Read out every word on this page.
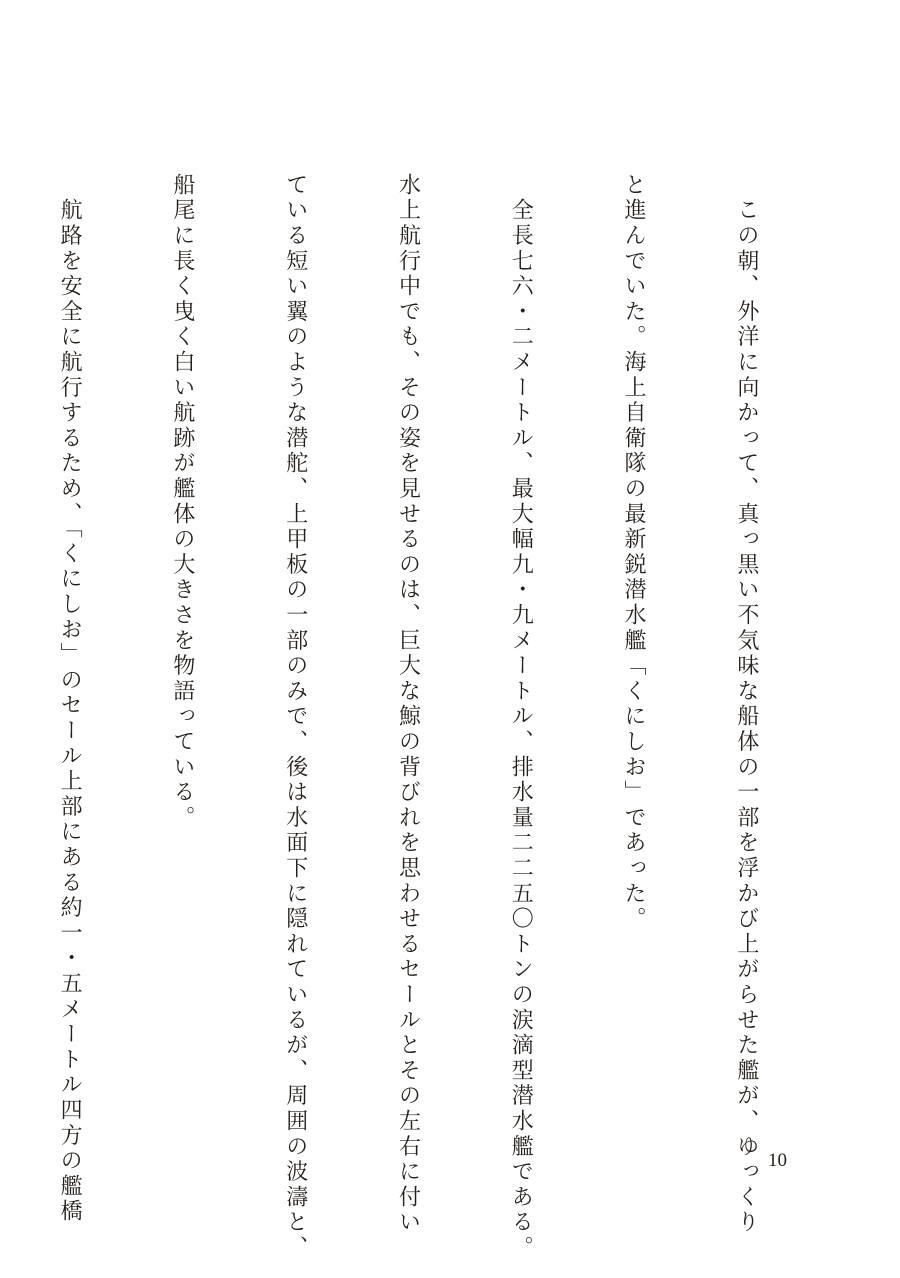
　この朝、外洋に向かって、真っ黒い不気味な船体の一部を浮かび上がらせた艦が、ゆっくり

と進んでいた。海上自衛隊の最新鋭潜水艦「くにしお」であった。

　全長七六・二メートル、最大幅九・九メートル、排水量二二五〇トンの涙滴型潜水艦である。

水上航行中でも、その姿を見せるのは、巨大な鯨の背びれを思わせるセールとその左右に付い

ている短い翼のような潜舵、上甲板の一部のみで、後は水面下に隠れているが、周囲の波濤と、

船尾に長く曳く白い航跡が艦体の大きさを物語っている。

　航路を安全に航行するため、「くにしお」のセール上部にある約一・五メートル四方の艦橋

	10
